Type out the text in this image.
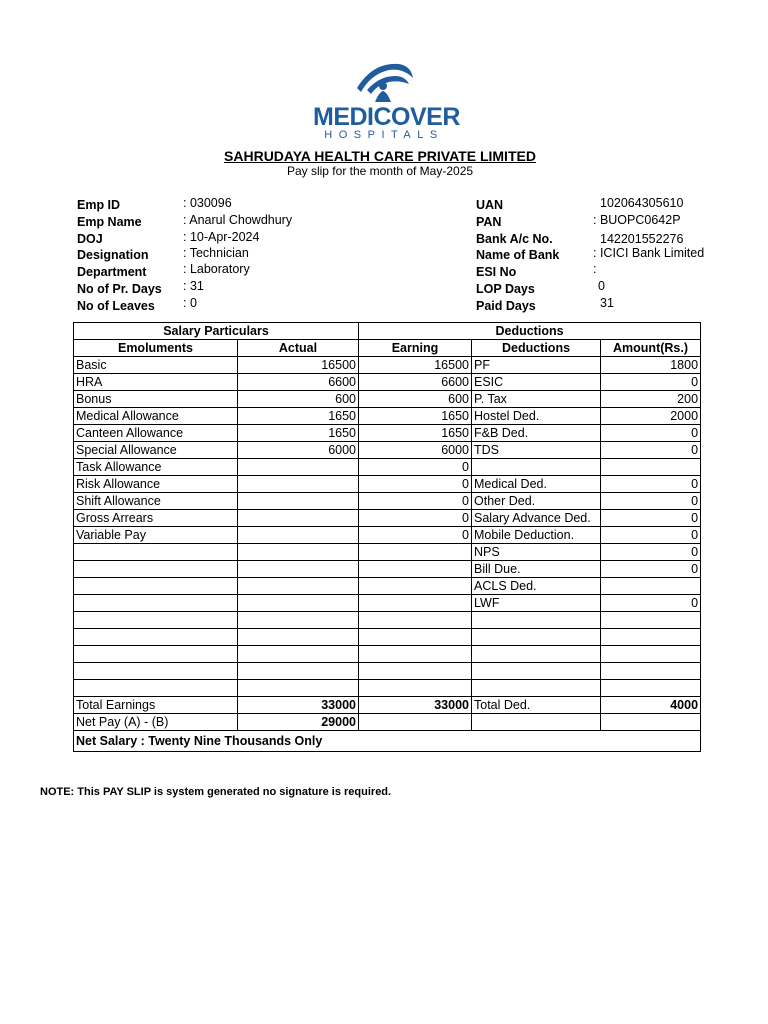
MEDICOVER
HOSPITALS
SAHRUDAYA HEALTH CARE PRIVATE LIMITED
Pay slip for the month of May-2025
Emp ID	: 030096
Emp Name	: Anarul Chowdhury
DOJ	: 10-Apr-2024
Designation	: Technician
Department	: Laboratory
No of Pr. Days : 31
No of Leaves : 0
UAN	102064305610
PAN	: BUOPC0642P
Bank A/c No.	142201552276
Name of Bank	: ICICI Bank Limited
ESI No	:
LOP Days	0
Paid Days	31
Salary Particulars		Deductions		
Emoluments	Actual	Earning	Deductions	Amount(Rs.)
Basic	16500	16500	PF	1800
HRA	6600	6600	ESIC	0
Bonus	600	600	P. Tax	200
Medical Allowance	1650	1650	Hostel Ded.	2000
Canteen Allowance	1650	1650	F&B Ded.	0
Special Allowance	6000	6000	TDS	0
Task Allowance		0		
Risk Allowance		0	Medical Ded.	0
Shift Allowance		0	Other Ded.	0
Gross Arrears		0	Salary Advance Ded.	0
Variable Pay		0	Mobile Deduction.	0
			NPS	0
			Bill Due.	0
			ACLS Ded.	
			LWF	0

Total Earnings	33000	33000	Total Ded.	4000
Net Pay (A) - (B)	29000			
Net Salary : Twenty Nine Thousands Only				
NOTE: This PAY SLIP is system generated no signature is required.
